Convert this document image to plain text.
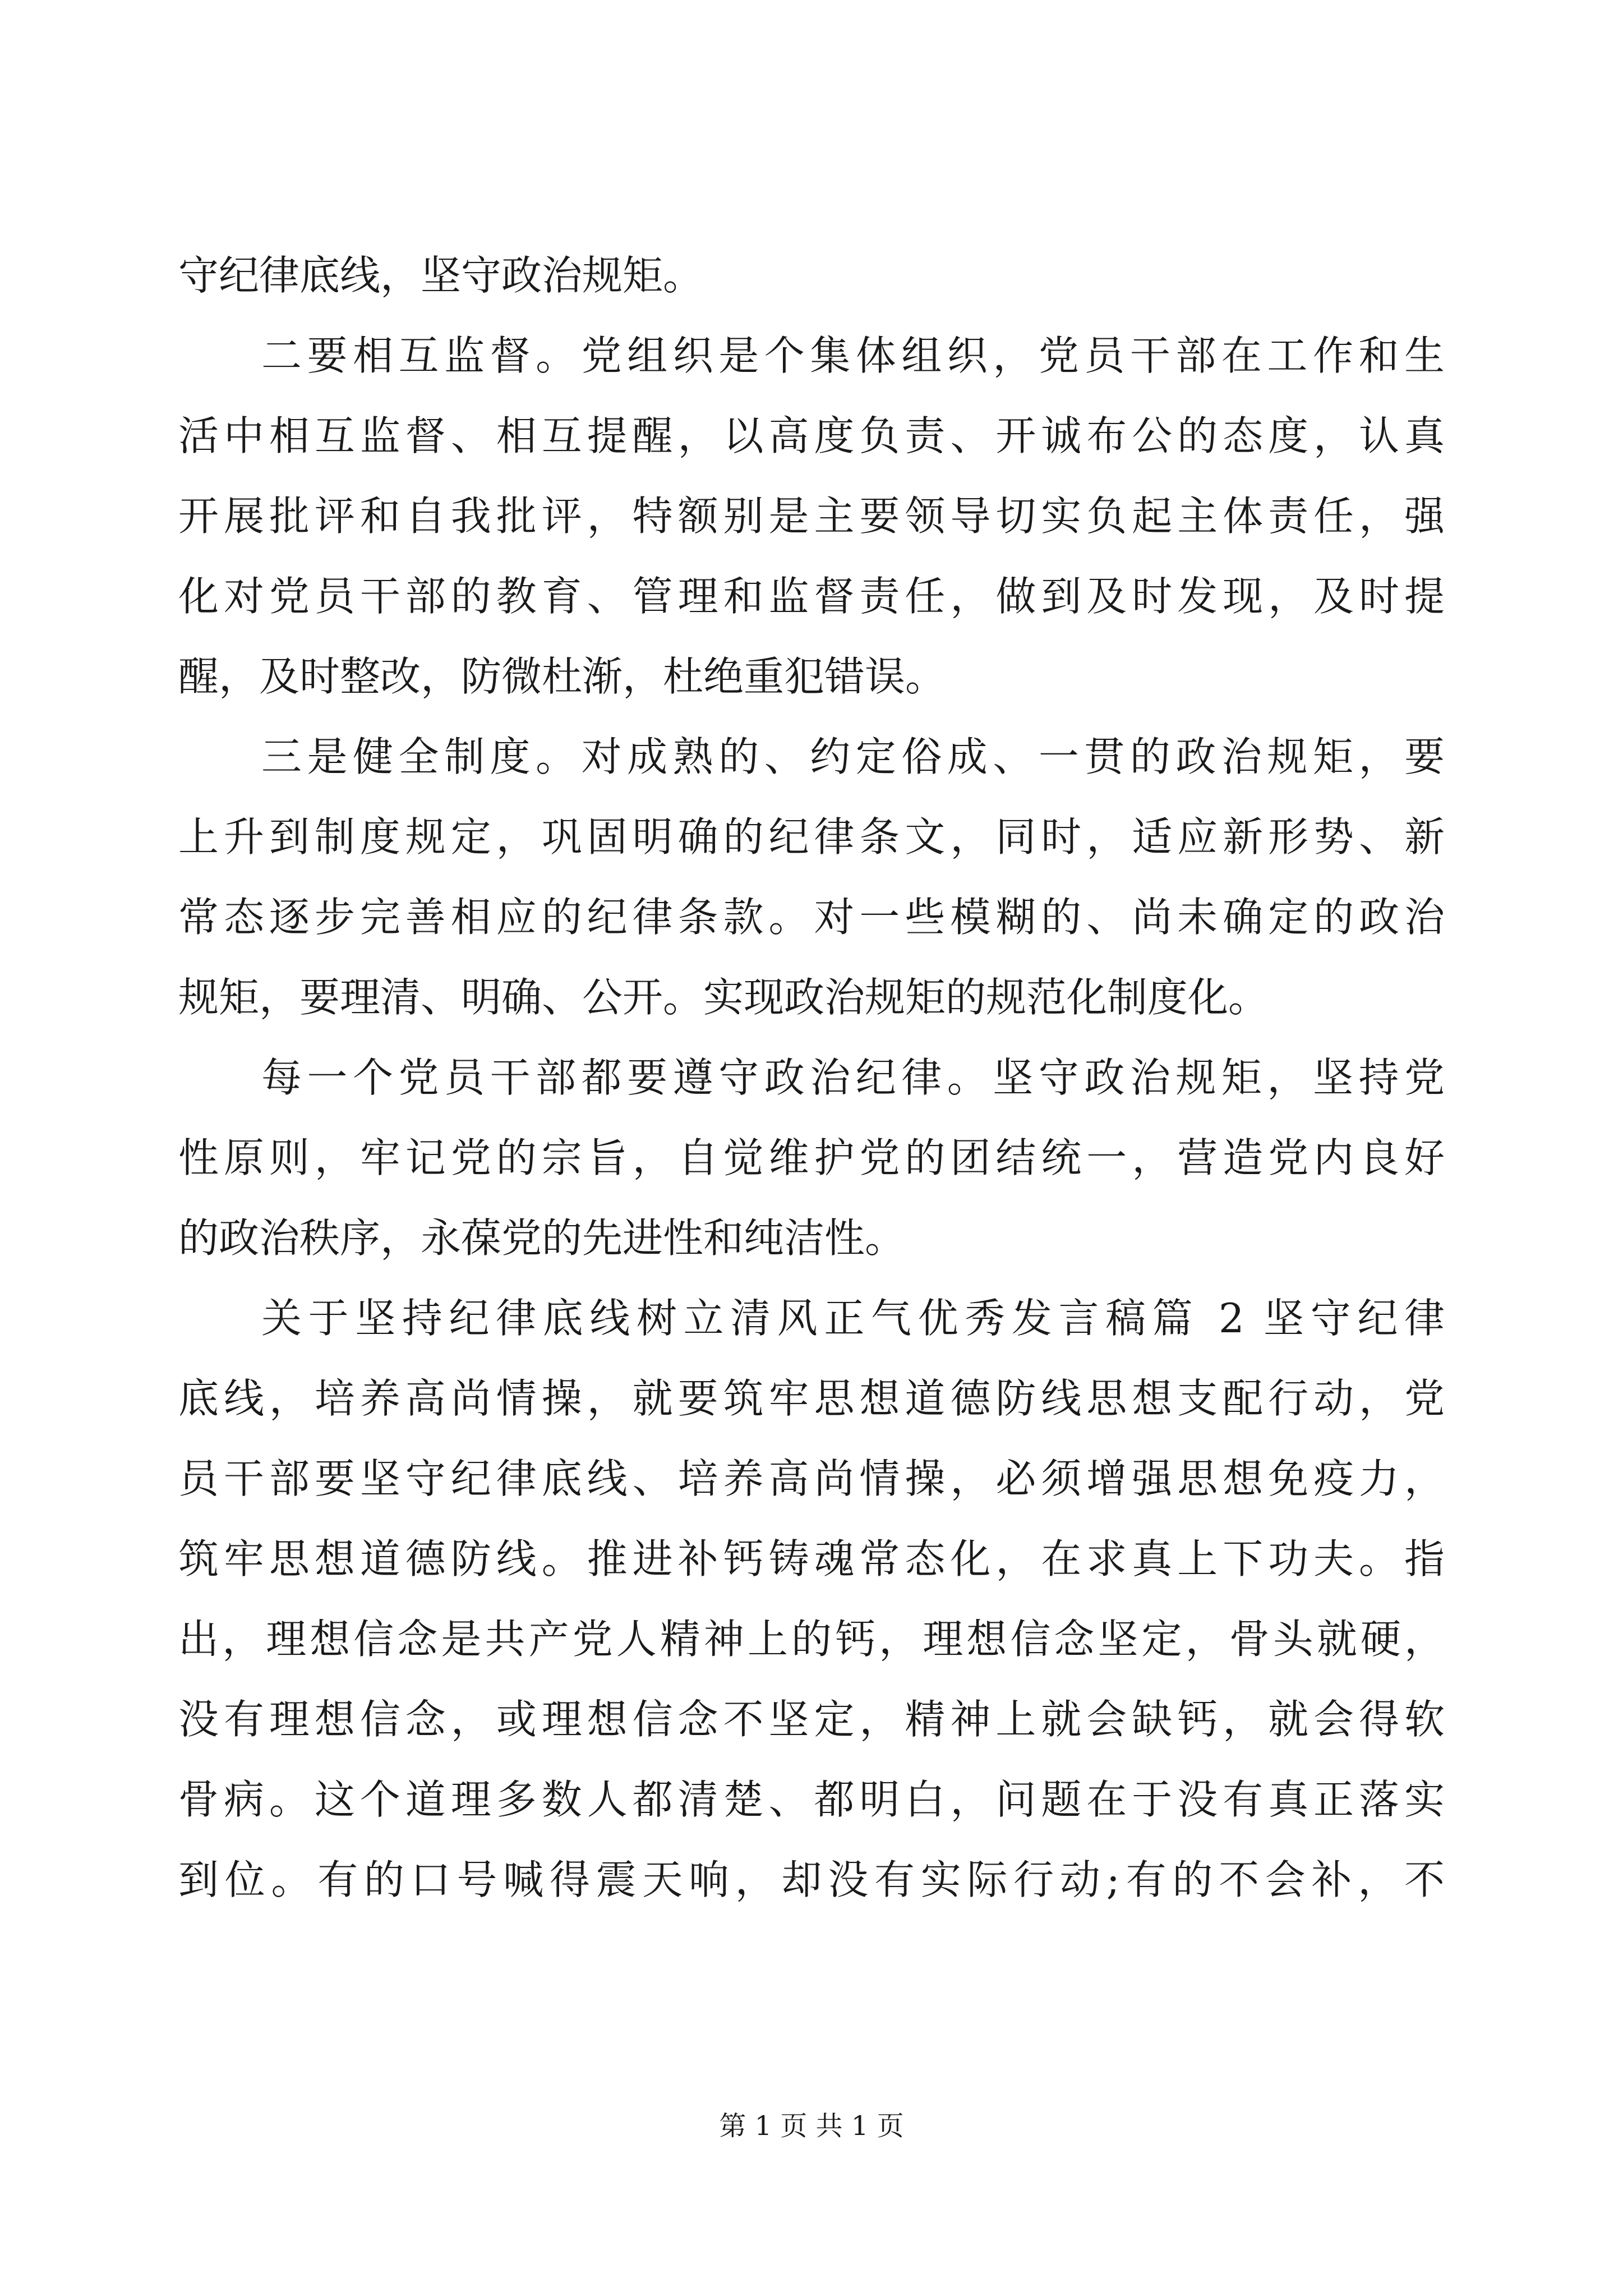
守纪律底线，坚守政治规矩。
二要相互监督。党组织是个集体组织，党员干部在工作和生
活中相互监督、相互提醒，以高度负责、开诚布公的态度，认真
开展批评和自我批评，特额别是主要领导切实负起主体责任，强
化对党员干部的教育、管理和监督责任，做到及时发现，及时提
醒，及时整改，防微杜渐，杜绝重犯错误。
三是健全制度。对成熟的、约定俗成、一贯的政治规矩，要
上升到制度规定，巩固明确的纪律条文，同时，适应新形势、新
常态逐步完善相应的纪律条款。对一些模糊的、尚未确定的政治
规矩，要理清、明确、公开。实现政治规矩的规范化制度化。
每一个党员干部都要遵守政治纪律。坚守政治规矩，坚持党
性原则，牢记党的宗旨，自觉维护党的团结统一，营造党内良好
的政治秩序，永葆党的先进性和纯洁性。
关于坚持纪律底线树立清风正气优秀发言稿篇 2 坚守纪律
底线，培养高尚情操，就要筑牢思想道德防线思想支配行动，党
员干部要坚守纪律底线、培养高尚情操，必须增强思想免疫力，
筑牢思想道德防线。推进补钙铸魂常态化，在求真上下功夫。指
出，理想信念是共产党人精神上的钙，理想信念坚定，骨头就硬，
没有理想信念，或理想信念不坚定，精神上就会缺钙，就会得软
骨病。这个道理多数人都清楚、都明白，问题在于没有真正落实
到位。有的口号喊得震天响，却没有实际行动;有的不会补，不
第 1 页 共 1 页
